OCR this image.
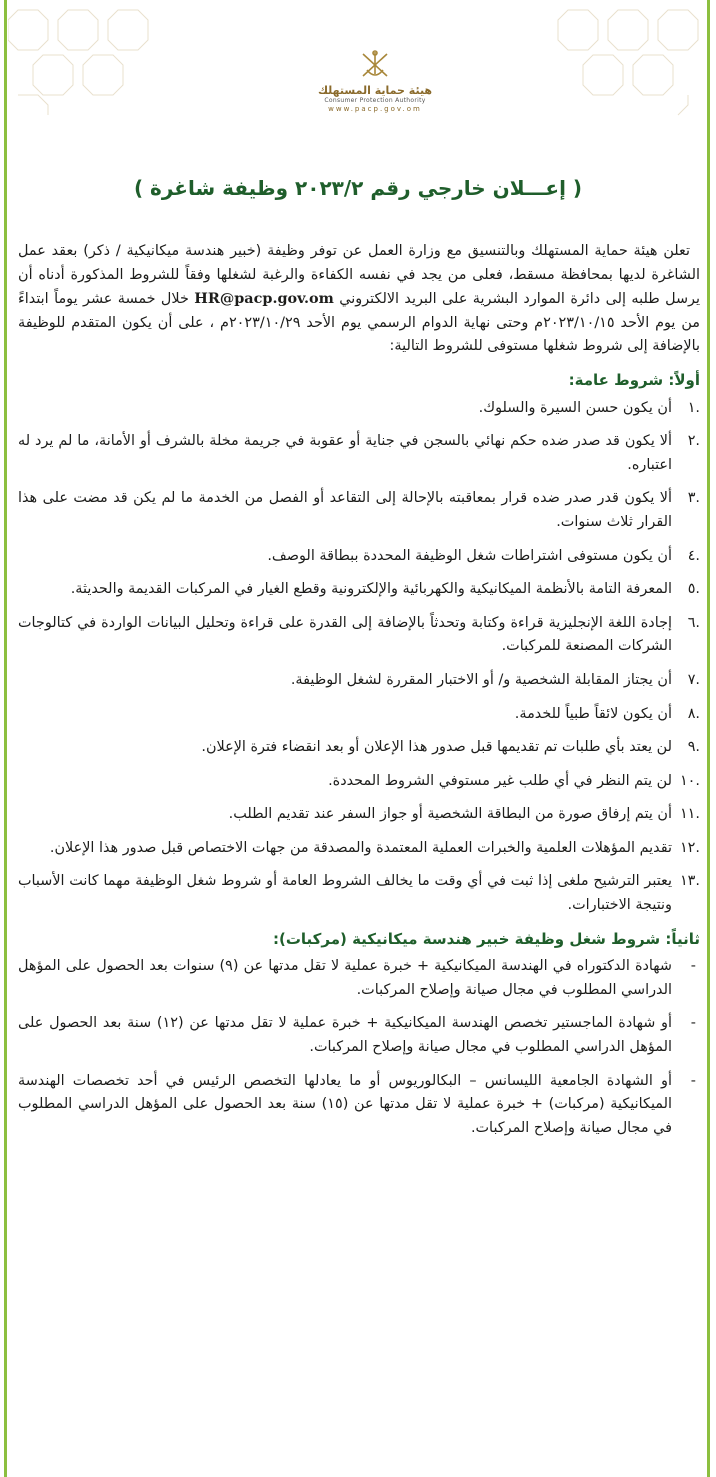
هيئة حماية المستهلك
Consumer Protection Authority
www.pacp.gov.om
( إعـــلان خارجي رقم ٢٠٢٣/٢ وظيفة شاغرة )

تعلن هيئة حماية المستهلك وبالتنسيق مع وزارة العمل عن توفر وظيفة (خبير هندسة ميكانيكية / ذكر) بعقد عمل الشاغرة لديها بمحافظة مسقط، فعلى من يجد في نفسه الكفاءة والرغبة لشغلها وفقاً للشروط المذكورة أدناه أن يرسل طلبه إلى دائرة الموارد البشرية على البريد الالكتروني HR@pacp.gov.om خلال خمسة عشر يوماً ابتداءً من يوم الأحد ٢٠٢٣/١٠/١٥م وحتى نهاية الدوام الرسمي يوم الأحد ٢٠٢٣/١٠/٢٩م ، على أن يكون المتقدم للوظيفة بالإضافة إلى شروط شغلها مستوفى للشروط التالية:

أولاً: شروط عامة:
.١
أن يكون حسن السيرة والسلوك.
.٢
ألا يكون قد صدر ضده حكم نهائي بالسجن في جناية أو عقوبة في جريمة مخلة بالشرف أو الأمانة، ما لم يرد له اعتباره.
.٣
ألا يكون قدر صدر ضده قرار بمعاقبته بالإحالة إلى التقاعد أو الفصل من الخدمة ما لم يكن قد مضت على هذا القرار ثلاث سنوات.
.٤
أن يكون مستوفى اشتراطات شغل الوظيفة المحددة ببطاقة الوصف.
.٥
المعرفة التامة بالأنظمة الميكانيكية والكهربائية والإلكترونية وقطع الغيار في المركبات القديمة والحديثة.
.٦
إجادة اللغة الإنجليزية قراءة وكتابة وتحدثاً بالإضافة إلى القدرة على قراءة وتحليل البيانات الواردة في كتالوجات الشركات المصنعة للمركبات.
.٧
أن يجتاز المقابلة الشخصية و/ أو الاختبار المقررة لشغل الوظيفة.
.٨
أن يكون لائقاً طبياً للخدمة.
.٩
لن يعتد بأي طلبات تم تقديمها قبل صدور هذا الإعلان أو بعد انقضاء فترة الإعلان.
.١٠
لن يتم النظر في أي طلب غير مستوفي الشروط المحددة.
.١١
أن يتم إرفاق صورة من البطاقة الشخصية أو جواز السفر عند تقديم الطلب.
.١٢
تقديم المؤهلات العلمية والخبرات العملية المعتمدة والمصدقة من جهات الاختصاص قبل صدور هذا الإعلان.
.١٣
يعتبر الترشيح ملغى إذا ثبت في أي وقت ما يخالف الشروط العامة أو شروط شغل الوظيفة مهما كانت الأسباب ونتيجة الاختبارات.
ثانياً: شروط شغل وظيفة خبير هندسة ميكانيكية (مركبات):
-
شهادة الدكتوراه في الهندسة الميكانيكية + خبرة عملية لا تقل مدتها عن (٩) سنوات بعد الحصول على المؤهل الدراسي المطلوب في مجال صيانة وإصلاح المركبات.
-
أو شهادة الماجستير تخصص الهندسة الميكانيكية + خبرة عملية لا تقل مدتها عن (١٢) سنة بعد الحصول على المؤهل الدراسي المطلوب في مجال صيانة وإصلاح المركبات.
-
أو الشهادة الجامعية الليسانس – البكالوريوس أو ما يعادلها التخصص الرئيس في أحد تخصصات الهندسة الميكانيكية (مركبات) + خبرة عملية لا تقل مدتها عن (١٥) سنة بعد الحصول على المؤهل الدراسي المطلوب في مجال صيانة وإصلاح المركبات.
